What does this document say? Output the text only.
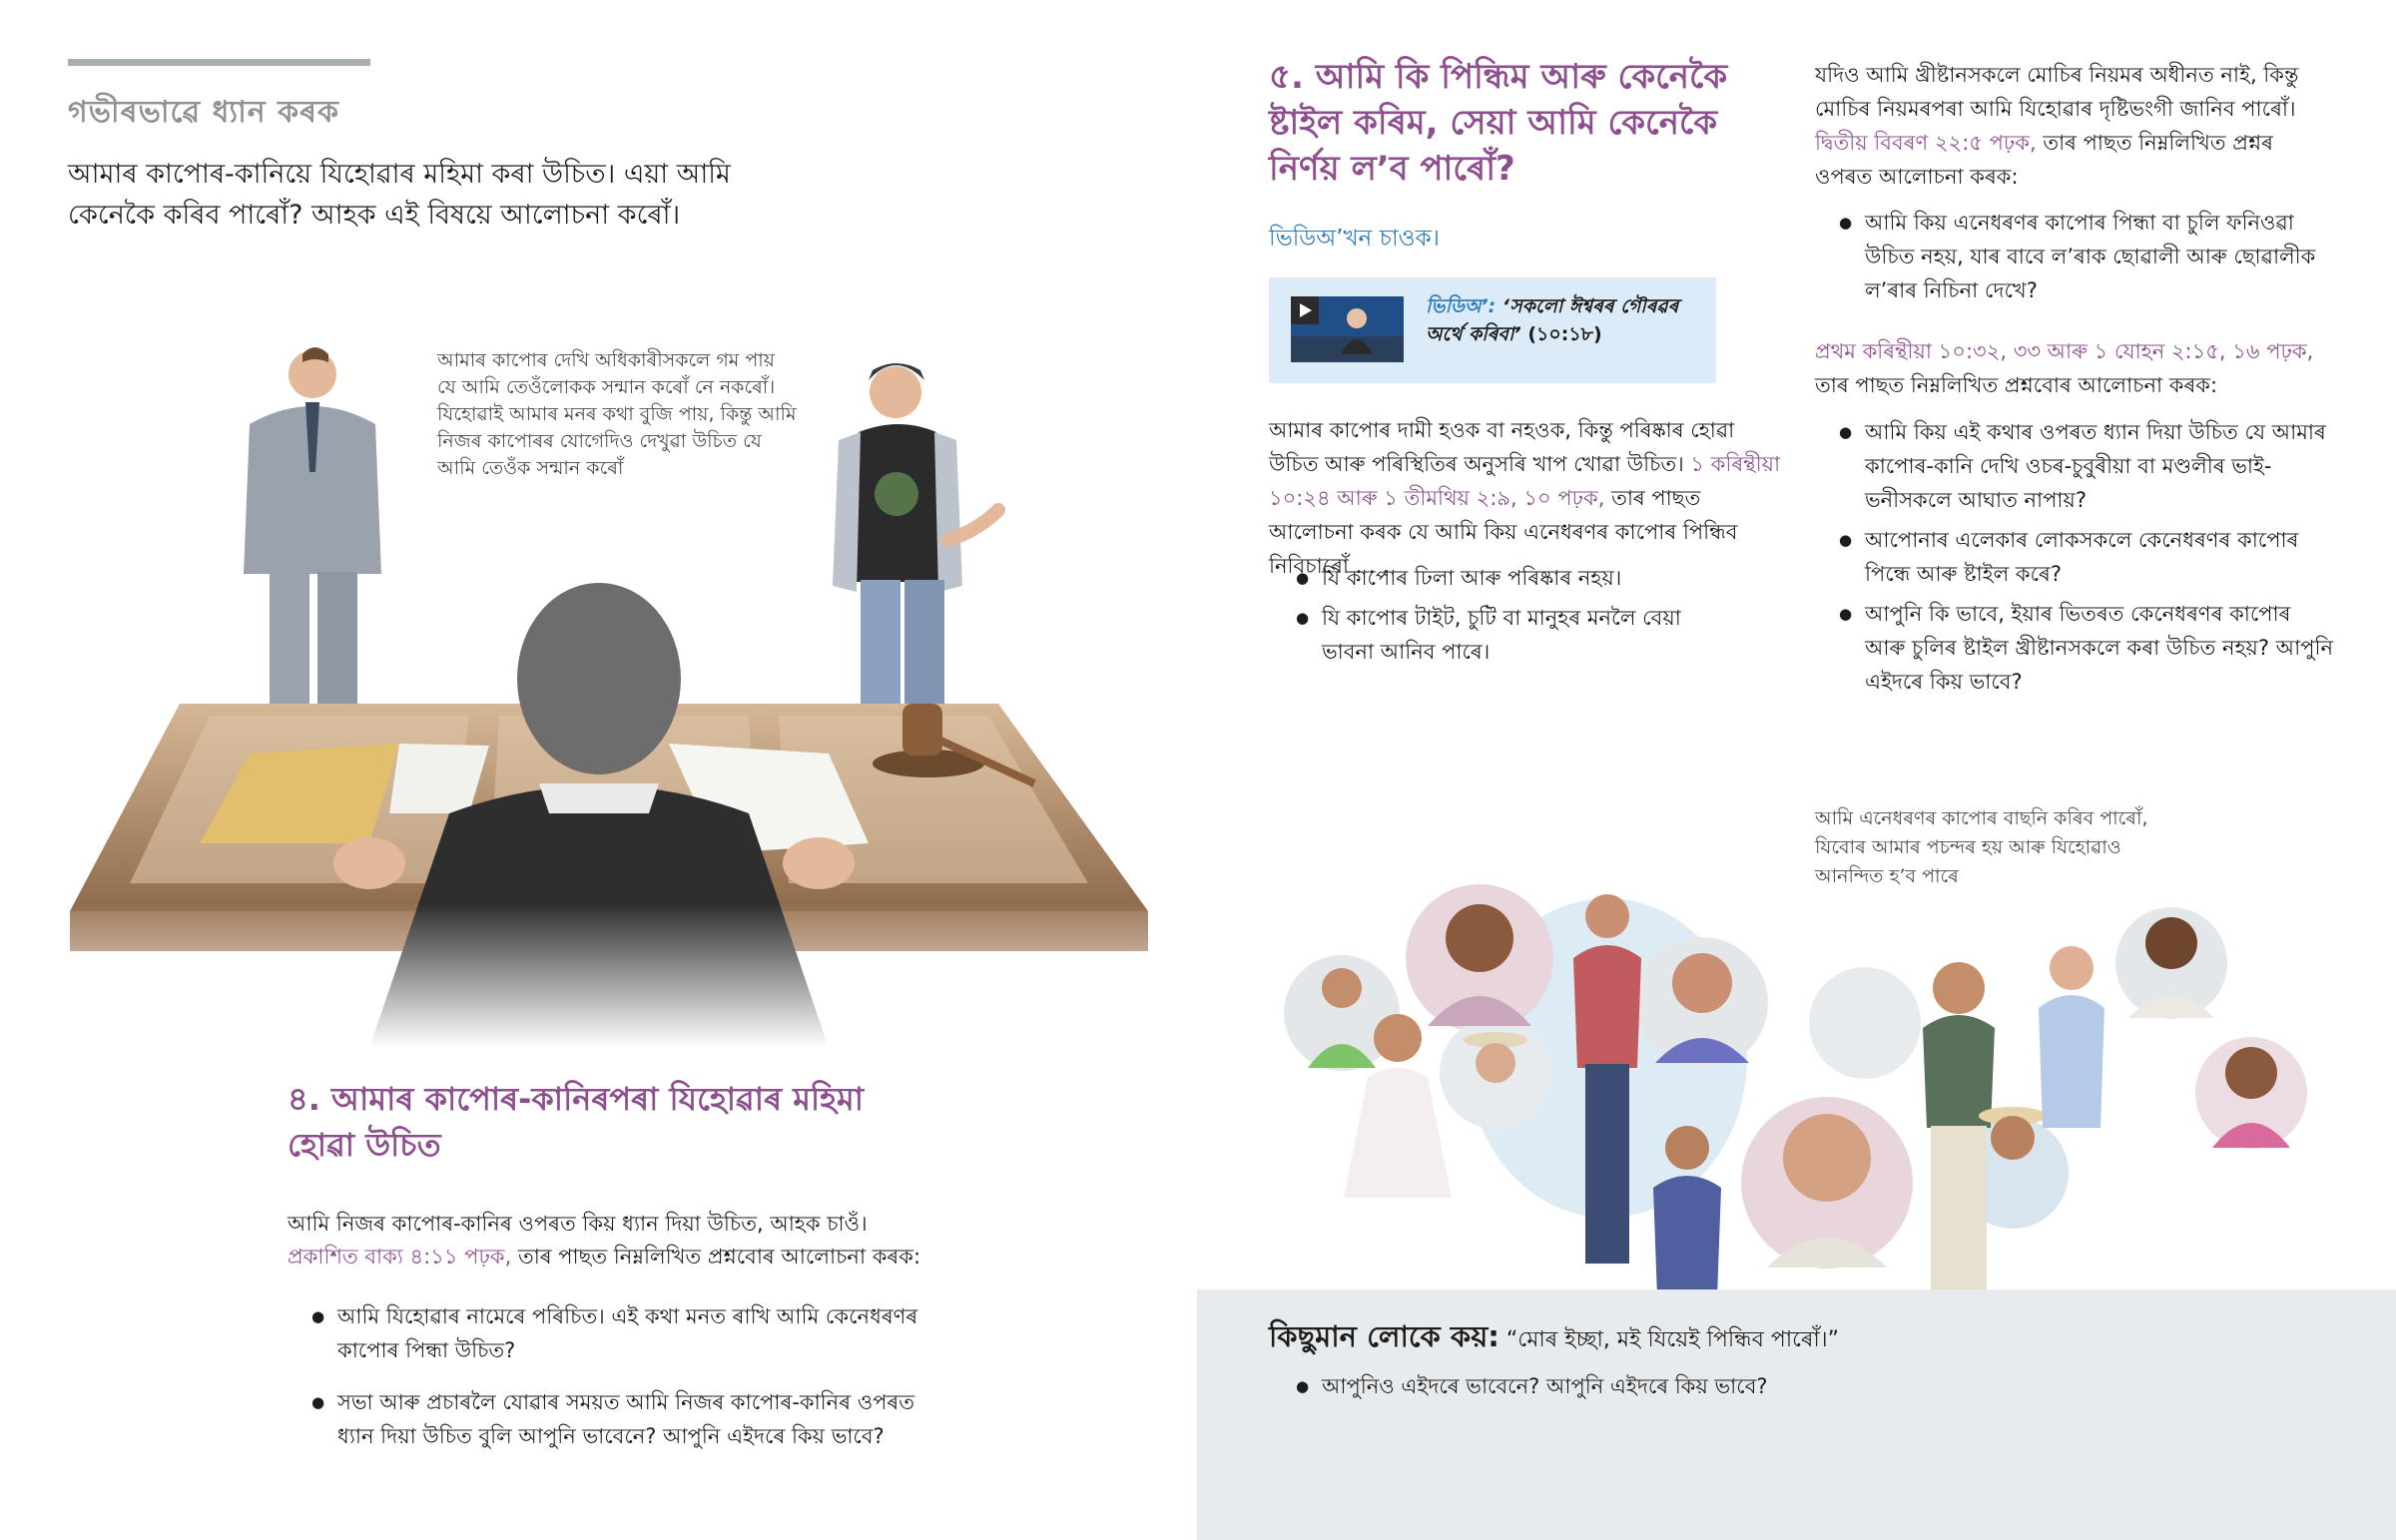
গভীৰভাৱে ধ্যান কৰক
আমাৰ কাপোৰ-কানিয়ে যিহোৱাৰ মহিমা কৰা উচিত। এয়া আমি কেনেকৈ কৰিব পাৰোঁ? আহক এই বিষয়ে আলোচনা কৰোঁ।
আমাৰ কাপোৰ দেখি অধিকাৰীসকলে গম পায় যে আমি তেওঁলোকক সন্মান কৰোঁ নে নকৰোঁ। যিহোৱাই আমাৰ মনৰ কথা বুজি পায়, কিন্তু আমি নিজৰ কাপোৰৰ যোগেদিও দেখুৱা উচিত যে আমি তেওঁক সন্মান কৰোঁ
৪. আমাৰ কাপোৰ-কানিৰপৰা যিহোৱাৰ মহিমা হোৱা উচিত
আমি নিজৰ কাপোৰ-কানিৰ ওপৰত কিয় ধ্যান দিয়া উচিত, আহক চাওঁ।
প্ৰকাশিত বাক্য ৪:১১ পঢ়ক, তাৰ পাছত নিম্নলিখিত প্ৰশ্নবোৰ আলোচনা কৰক:
● আমি যিহোৱাৰ নামেৰে পৰিচিত। এই কথা মনত ৰাখি আমি কেনেধৰণৰ কাপোৰ পিন্ধা উচিত?
● সভা আৰু প্ৰচাৰলৈ যোৱাৰ সময়ত আমি নিজৰ কাপোৰ-কানিৰ ওপৰত ধ্যান দিয়া উচিত বুলি আপুনি ভাবেনে? আপুনি এইদৰে কিয় ভাবে?
৫. আমি কি পিন্ধিম আৰু কেনেকৈ ষ্টাইল কৰিম, সেয়া আমি কেনেকৈ নিৰ্ণয় ল’ব পাৰোঁ?
ভিডিঅ’খন চাওক।
ভিডিঅ’: ‘সকলো ঈশ্বৰৰ গৌৰৱৰ অৰ্থে কৰিবা’ (১০:১৮)
আমাৰ কাপোৰ দামী হওক বা নহওক, কিন্তু পৰিষ্কাৰ হোৱা উচিত আৰু পৰিস্থিতিৰ অনুসৰি খাপ খোৱা উচিত। ১ কৰিন্থীয়া ১০:২৪ আৰু ১ তীমথিয় ২:৯, ১০ পঢ়ক, তাৰ পাছত আলোচনা কৰক যে আমি কিয় এনেধৰণৰ কাপোৰ পিন্ধিব নিবিচাৰোঁ . . .
● যি কাপোৰ ঢিলা আৰু পৰিষ্কাৰ নহয়।
● যি কাপোৰ টাইট, চুটি বা মানুহৰ মনলৈ বেয়া ভাবনা আনিব পাৰে।
যদিও আমি খ্ৰীষ্টানসকলে মোচিৰ নিয়মৰ অধীনত নাই, কিন্তু মোচিৰ নিয়মৰপৰা আমি যিহোৱাৰ দৃষ্টিভংগী জানিব পাৰোঁ। দ্বিতীয় বিবৰণ ২২:৫ পঢ়ক, তাৰ পাছত নিম্নলিখিত প্ৰশ্নৰ ওপৰত আলোচনা কৰক:
● আমি কিয় এনেধৰণৰ কাপোৰ পিন্ধা বা চুলি ফনিওৱা উচিত নহয়, যাৰ বাবে ল’ৰাক ছোৱালী আৰু ছোৱালীক ল’ৰাৰ নিচিনা দেখে?
প্ৰথম কৰিন্থীয়া ১০:৩২, ৩৩ আৰু ১ যোহন ২:১৫, ১৬ পঢ়ক, তাৰ পাছত নিম্নলিখিত প্ৰশ্নবোৰ আলোচনা কৰক:
● আমি কিয় এই কথাৰ ওপৰত ধ্যান দিয়া উচিত যে আমাৰ কাপোৰ-কানি দেখি ওচৰ-চুবুৰীয়া বা মণ্ডলীৰ ভাই-ভনীসকলে আঘাত নাপায়?
● আপোনাৰ এলেকাৰ লোকসকলে কেনেধৰণৰ কাপোৰ পিন্ধে আৰু ষ্টাইল কৰে?
● আপুনি কি ভাবে, ইয়াৰ ভিতৰত কেনেধৰণৰ কাপোৰ আৰু চুলিৰ ষ্টাইল খ্ৰীষ্টানসকলে কৰা উচিত নহয়? আপুনি এইদৰে কিয় ভাবে?
আমি এনেধৰণৰ কাপোৰ বাছনি কৰিব পাৰোঁ, যিবোৰ আমাৰ পচন্দৰ হয় আৰু যিহোৱাও আনন্দিত হ’ব পাৰে
কিছুমান লোকে কয়: “মোৰ ইচ্ছা, মই যিয়েই পিন্ধিব পাৰোঁ।”
● আপুনিও এইদৰে ভাবেনে? আপুনি এইদৰে কিয় ভাবে?
